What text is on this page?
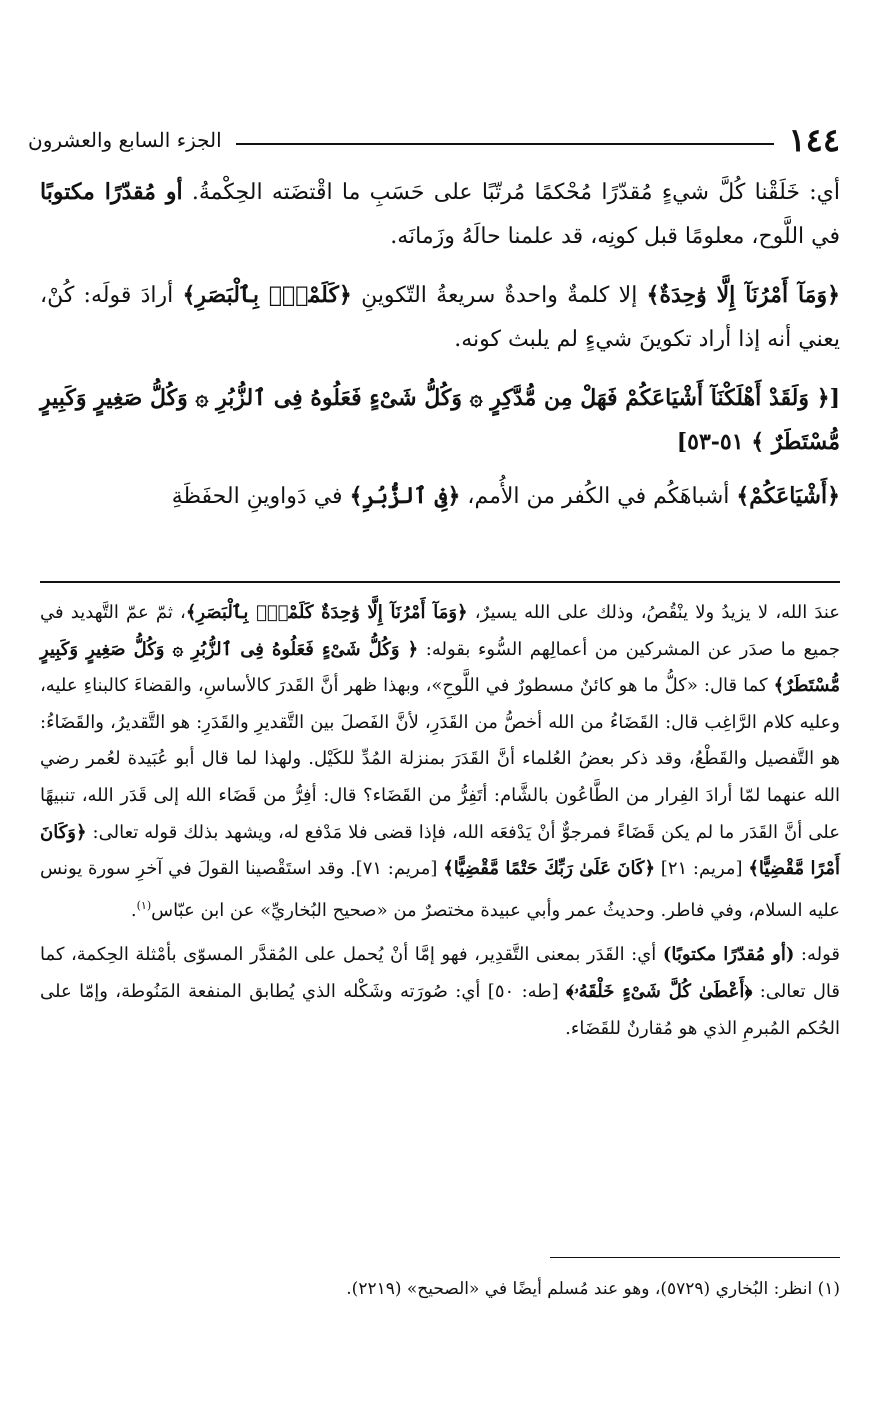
١٤٤
الجزء السابع والعشرون

أي: خَلَقْنا كُلَّ شيءٍ مُقدّرًا مُحْكمًا مُرتّبًا على حَسَبِ ما اقْتضَته الحِكْمةُ. أو مُقدّرًا مكتوبًا في اللَّوح، معلومًا قبل كونِه، قد علمنا حالَهُ وزَمانَه.

﴿وَمَآ أَمْرُنَآ إِلَّا وَٰحِدَةٌ﴾ إلا كلمةٌ واحدةٌ سريعةُ التّكوينِ ﴿كَلَمْحٍۭ بِٱلْبَصَرِ﴾ أرادَ قولَه: كُنْ، يعني أنه إذا أراد تكوينَ شيءٍ لم يلبث كونه.

[﴿ وَلَقَدْ أَهْلَكْنَآ أَشْيَاعَكُمْ فَهَلْ مِن مُّدَّكِرٍ ۞ وَكُلُّ شَىْءٍ فَعَلُوهُ فِى ٱلزُّبُرِ ۞ وَكُلُّ صَغِيرٍ وَكَبِيرٍ مُّسْتَطَرٌ ﴾ ٥١-٥٣]

﴿أَشْيَاعَكُمْ﴾ أشباهَكُم في الكُفر من الأُمم، ﴿فِى ٱلزُّبُرِ﴾ في دَواوينِ الحفَظَةِ

عندَ الله، لا يزيدُ ولا ينْقُصُ، وذلك على الله يسيرٌ، ﴿وَمَآ أَمْرُنَآ إِلَّا وَٰحِدَةٌ كَلَمْحٍۭ بِٱلْبَصَرِ﴾، ثمّ عمّ التَّهديد في جميع ما صدَر عن المشركين من أعمالِهم السُّوء بقوله: ﴿ وَكُلُّ شَىْءٍ فَعَلُوهُ فِى ٱلزُّبُرِ ۞ وَكُلُّ صَغِيرٍ وَكَبِيرٍ مُّسْتَطَرٌ﴾ كما قال: «كلُّ ما هو كائنٌ مسطورٌ في اللَّوحِ»، وبهذا ظهر أنَّ القَدرَ كالأساسِ، والقضاءَ كالبناءِ عليه، وعليه كلام الرَّاغِب قال: القَضَاءُ من الله أخصُّ من القَدَرِ، لأنَّ الفَصلَ بين التَّقديرِ والقَدَرِ: هو التَّقديرُ، والقَضَاءُ: هو التَّفصيل والقَطْعُ، وقد ذكر بعضُ العُلماء أنَّ القَدَرَ بمنزلة المُدِّ للكَيْل. ولهذا لما قال أبو عُبَيدة لعُمر رضي الله عنهما لمّا أرادَ الفِرار من الطَّاعُون بالشَّام: أتَفِرُّ من القَضَاء؟ قال: أفِرُّ من قَضَاء الله إلى قَدَر الله، تنبيهًا على أنَّ القَدَر ما لم يكن قَضَاءً فمرجوٌّ أنْ يَدْفعَه الله، فإذا قضى فلا مَدْفع له، ويشهد بذلك قوله تعالى: ﴿وَكَانَ أَمْرًا مَّقْضِيًّا﴾ [مريم: ٢١] ﴿كَانَ عَلَىٰ رَبِّكَ حَتْمًا مَّقْضِيًّا﴾ [مريم: ٧١]. وقد استَقْصينا القولَ في آخرِ سورة يونس عليه السلام، وفي فاطر. وحديثُ عمر وأبي عبيدة مختصرٌ من «صحيح البُخاريِّ» عن ابن عبّاس$^{(١)}$.

قوله: (أو مُقدّرًا مكتوبًا) أي: القَدَر بمعنى التَّقدِير، فهو إمَّا أنْ يُحمل على المُقدَّر المسوّى بأمْثلة الحِكمة، كما قال تعالى: ﴿أَعْطَىٰ كُلَّ شَىْءٍ خَلْقَهُۥ﴾ [طه: ٥٠] أي: صُورَته وشَكْله الذي يُطابق المنفعة المَنُوطة، وإمّا على الحُكم المُبرمِ الذي هو مُقارنٌ للقَضَاء.

(١) انظر: البُخاري (٥٧٢٩)، وهو عند مُسلم أيضًا في «الصحيح» (٢٢١٩).
